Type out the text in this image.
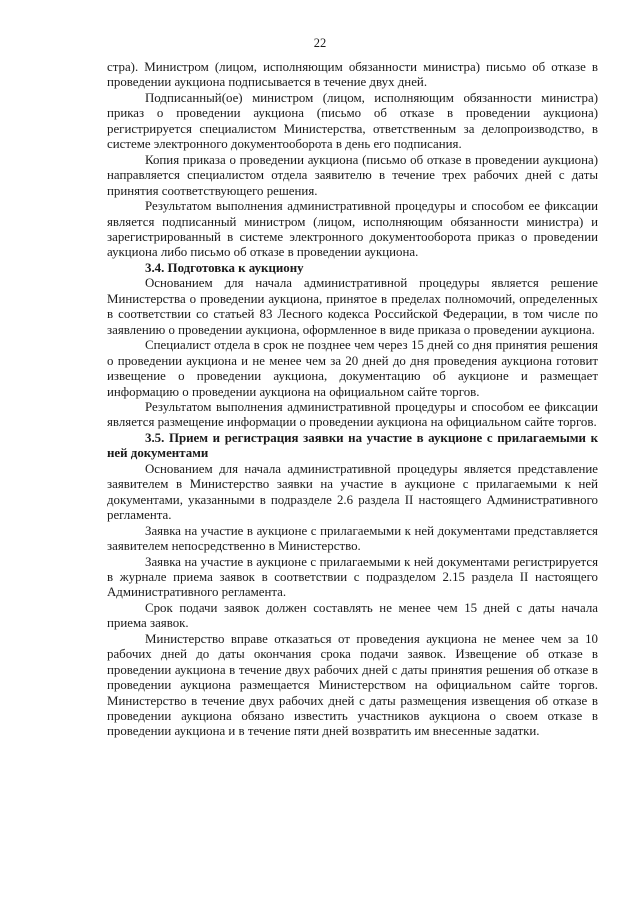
22

стра). Министром (лицом, исполняющим обязанности министра) письмо об отказе в проведении аукциона подписывается в течение двух дней.

Подписанный(ое) министром (лицом, исполняющим обязанности министра) приказ о проведении аукциона (письмо об отказе в проведении аукциона) регистрируется специалистом Министерства, ответственным за делопроизводство, в системе электронного документооборота в день его подписания.

Копия приказа о проведении аукциона (письмо об отказе в проведении аукциона) направляется специалистом отдела заявителю в течение трех рабочих дней с даты принятия соответствующего решения.

Результатом выполнения административной процедуры и способом ее фиксации является подписанный министром (лицом, исполняющим обязанности министра) и зарегистрированный в системе электронного документооборота приказ о проведении аукциона либо письмо об отказе в проведении аукциона.

3.4. Подготовка к аукциону

Основанием для начала административной процедуры является решение Министерства о проведении аукциона, принятое в пределах полномочий, определенных в соответствии со статьей 83 Лесного кодекса Российской Федерации, в том числе по заявлению о проведении аукциона, оформленное в виде приказа о проведении аукциона.

Специалист отдела в срок не позднее чем через 15 дней со дня принятия решения о проведении аукциона и не менее чем за 20 дней до дня проведения аукциона готовит извещение о проведении аукциона, документацию об аукционе и размещает информацию о проведении аукциона на официальном сайте торгов.

Результатом выполнения административной процедуры и способом ее фиксации является размещение информации о проведении аукциона на официальном сайте торгов.

3.5. Прием и регистрация заявки на участие в аукционе с прилагаемыми к ней документами

Основанием для начала административной процедуры является представление заявителем в Министерство заявки на участие в аукционе с прилагаемыми к ней документами, указанными в подразделе 2.6 раздела II настоящего Административного регламента.

Заявка на участие в аукционе с прилагаемыми к ней документами представляется заявителем непосредственно в Министерство.

Заявка на участие в аукционе с прилагаемыми к ней документами регистрируется в журнале приема заявок в соответствии с подразделом 2.15 раздела II настоящего Административного регламента.

Срок подачи заявок должен составлять не менее чем 15 дней с даты начала приема заявок.

Министерство вправе отказаться от проведения аукциона не менее чем за 10 рабочих дней до даты окончания срока подачи заявок. Извещение об отказе в проведении аукциона в течение двух рабочих дней с даты принятия решения об отказе в проведении аукциона размещается Министерством на официальном сайте торгов. Министерство в течение двух рабочих дней с даты размещения извещения об отказе в проведении аукциона обязано известить участников аукциона о своем отказе в проведении аукциона и в течение пяти дней возвратить им внесенные задатки.
